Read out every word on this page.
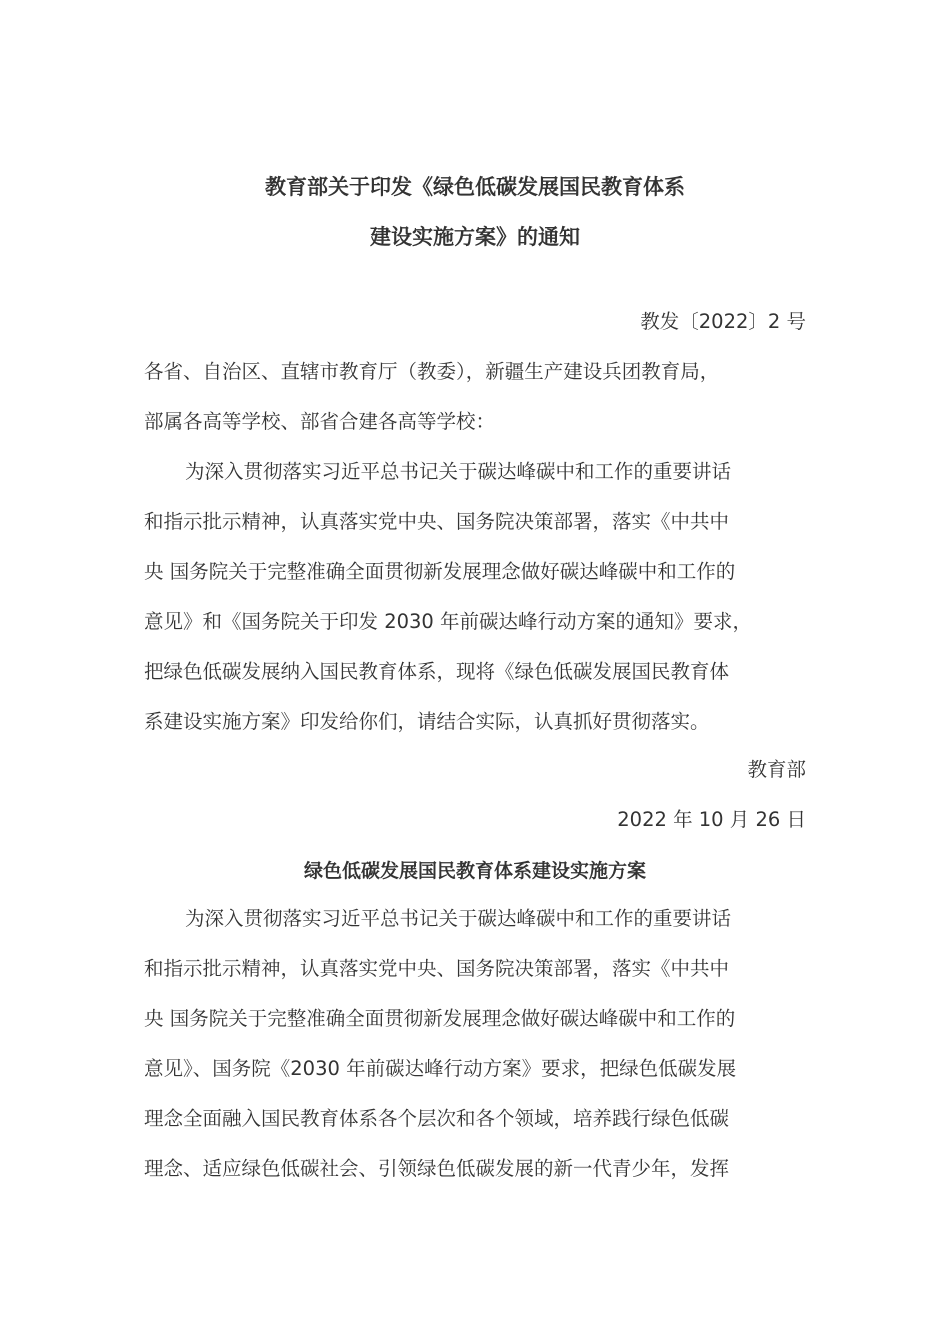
教育部关于印发《绿色低碳发展国民教育体系
建设实施方案》的通知
教发〔2022〕2 号
各省、自治区、直辖市教育厅（教委），新疆生产建设兵团教育局，
部属各高等学校、部省合建各高等学校：
为深入贯彻落实习近平总书记关于碳达峰碳中和工作的重要讲话
和指示批示精神，认真落实党中央、国务院决策部署，落实《中共中
央 国务院关于完整准确全面贯彻新发展理念做好碳达峰碳中和工作的
意见》和《国务院关于印发 2030 年前碳达峰行动方案的通知》要求，
把绿色低碳发展纳入国民教育体系，现将《绿色低碳发展国民教育体
系建设实施方案》印发给你们，请结合实际，认真抓好贯彻落实。
教育部
2022 年 10 月 26 日
绿色低碳发展国民教育体系建设实施方案
为深入贯彻落实习近平总书记关于碳达峰碳中和工作的重要讲话
和指示批示精神，认真落实党中央、国务院决策部署，落实《中共中
央 国务院关于完整准确全面贯彻新发展理念做好碳达峰碳中和工作的
意见》、国务院《2030 年前碳达峰行动方案》要求，把绿色低碳发展
理念全面融入国民教育体系各个层次和各个领域，培养践行绿色低碳
理念、适应绿色低碳社会、引领绿色低碳发展的新一代青少年，发挥
